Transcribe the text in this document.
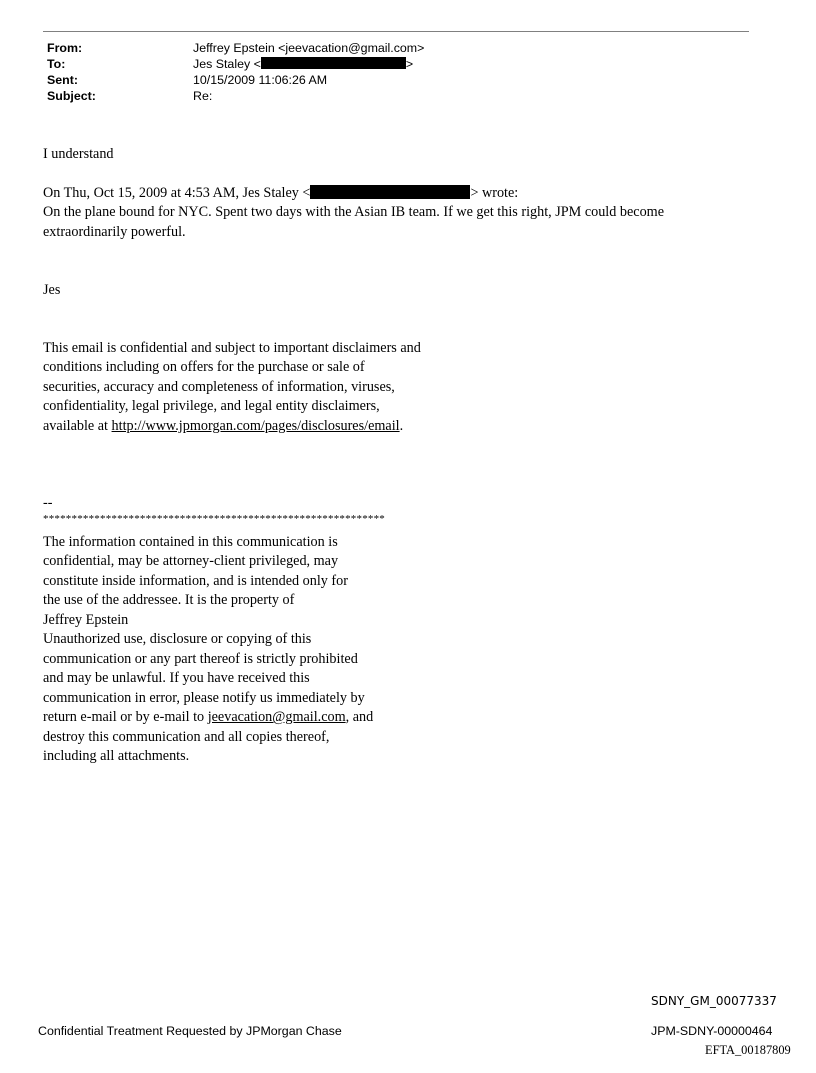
From:	Jeffrey Epstein <jeevacation@gmail.com>
To:	Jes Staley <	>
Sent:	10/15/2009 11:06:26 AM
Subject:	Re:
I understand
On Thu, Oct 15, 2009 at 4:53 AM, Jes Staley <	> wrote:
On the plane bound for NYC. Spent two days with the Asian IB team. If we get this right, JPM could become
extraordinarily powerful.
Jes
This email is confidential and subject to important disclaimers and
conditions including on offers for the purchase or sale of
securities, accuracy and completeness of information, viruses,
confidentiality, legal privilege, and legal entity disclaimers,
available at http://www.jpmorgan.com/pages/disclosures/email.
--
************************************************************
The information contained in this communication is
confidential, may be attorney-client privileged, may
constitute inside information, and is intended only for
the use of the addressee. It is the property of
Jeffrey Epstein
Unauthorized use, disclosure or copying of this
communication or any part thereof is strictly prohibited
and may be unlawful. If you have received this
communication in error, please notify us immediately by
return e-mail or by e-mail to jeevacation@gmail.com, and
destroy this communication and all copies thereof,
including all attachments.
SDNY_GM_00077337
Confidential Treatment Requested by JPMorgan Chase	JPM-SDNY-00000464
EFTA_00187809
